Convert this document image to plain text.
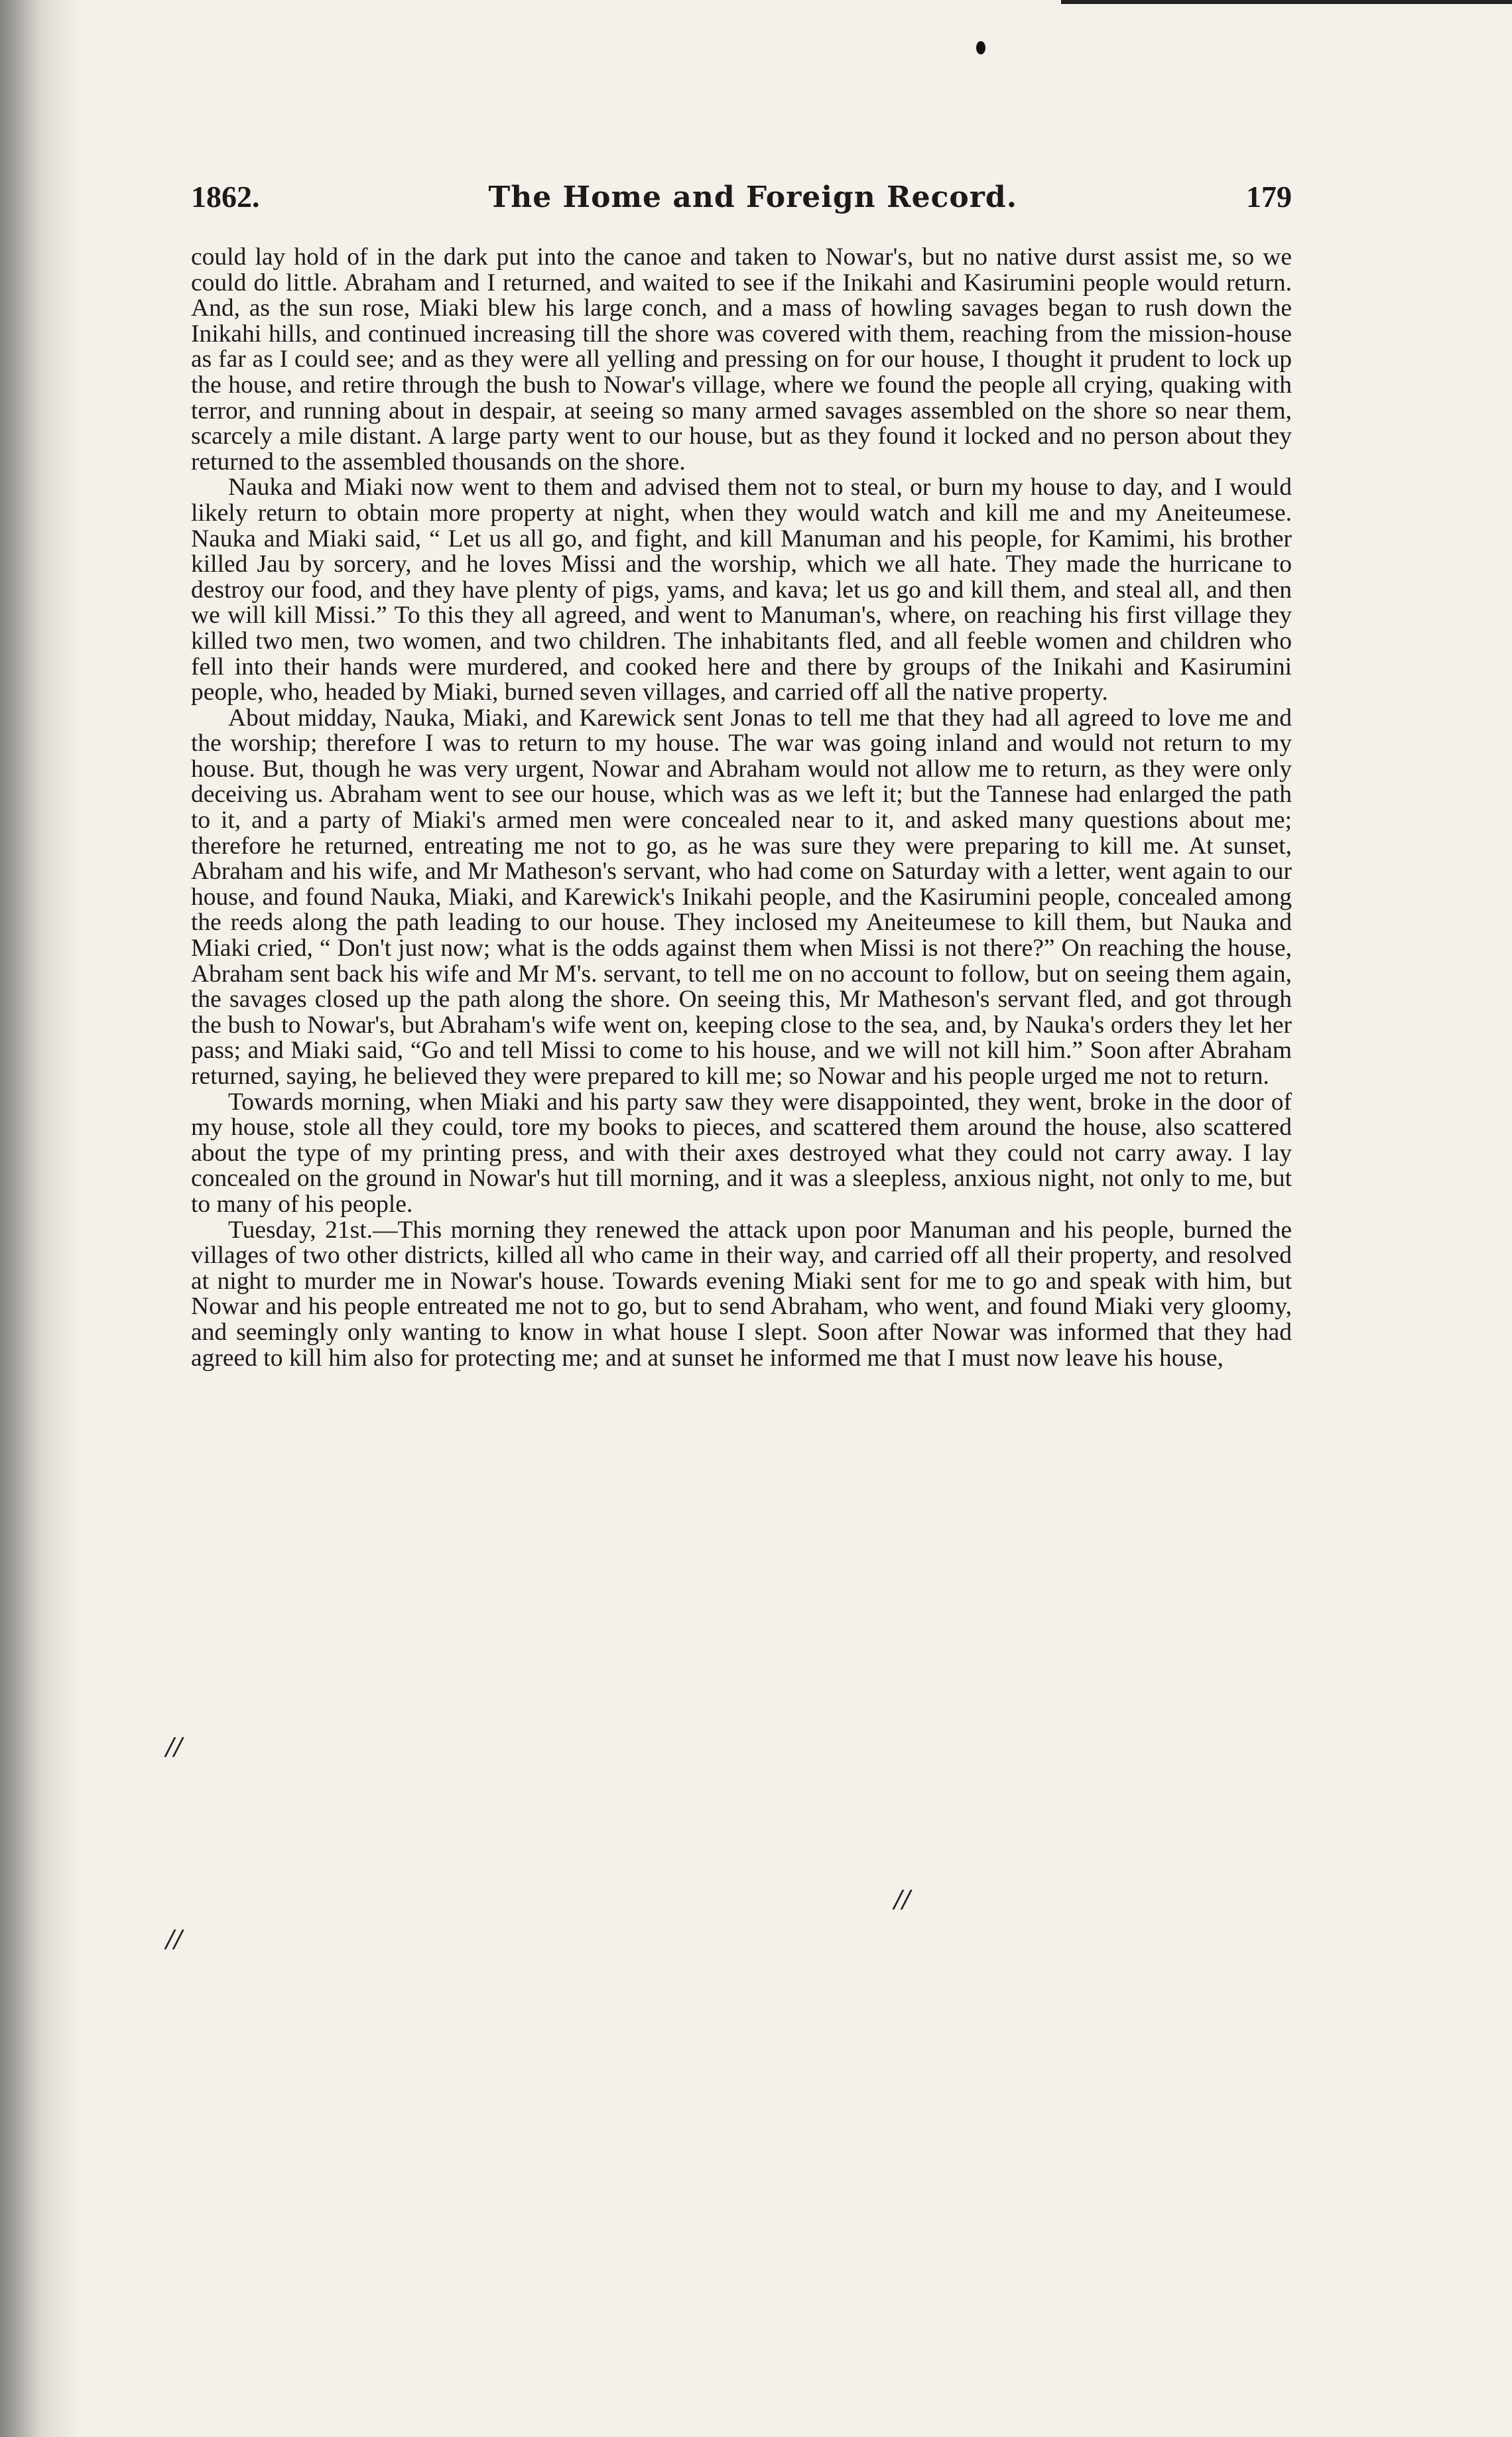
1862.	The Home and Foreign Record.	179

could lay hold of in the dark put into the canoe and taken to Nowar's, but no native durst assist me, so we could do little. Abraham and I returned, and waited to see if the Inikahi and Kasirumini people would return. And, as the sun rose, Miaki blew his large conch, and a mass of howling savages began to rush down the Inikahi hills, and continued increasing till the shore was covered with them, reaching from the mission-house as far as I could see; and as they were all yelling and pressing on for our house, I thought it prudent to lock up the house, and retire through the bush to Nowar's village, where we found the people all crying, quaking with terror, and running about in despair, at seeing so many armed savages assembled on the shore so near them, scarcely a mile distant. A large party went to our house, but as they found it locked and no person about they returned to the assembled thousands on the shore.

Nauka and Miaki now went to them and advised them not to steal, or burn my house to day, and I would likely return to obtain more property at night, when they would watch and kill me and my Aneiteumese. Nauka and Miaki said, “ Let us all go, and fight, and kill Manuman and his people, for Kamimi, his brother killed Jau by sorcery, and he loves Missi and the worship, which we all hate. They made the hurricane to destroy our food, and they have plenty of pigs, yams, and kava; let us go and kill them, and steal all, and then we will kill Missi.” To this they all agreed, and went to Manuman's, where, on reaching his first village they killed two men, two women, and two children. The inhabitants fled, and all feeble women and children who fell into their hands were murdered, and cooked here and there by groups of the Inikahi and Kasirumini people, who, headed by Miaki, burned seven villages, and carried off all the native property.

About midday, Nauka, Miaki, and Karewick sent Jonas to tell me that they had all agreed to love me and the worship; therefore I was to return to my house. The war was going inland and would not return to my house. But, though he was very urgent, Nowar and Abraham would not allow me to return, as they were only deceiving us. Abraham went to see our house, which was as we left it; but the Tannese had enlarged the path to it, and a party of Miaki's armed men were concealed near to it, and asked many questions about me; therefore he returned, entreating me not to go, as he was sure they were preparing to kill me. At sunset, Abraham and his wife, and Mr Matheson's servant, who had come on Saturday with a letter, went again to our house, and found Nauka, Miaki, and Karewick's Inikahi people, and the Kasirumini people, concealed among the reeds along the path leading to our house. They inclosed my Aneiteumese to kill them, but Nauka and Miaki cried, “ Don't just now; what is the odds against them when Missi is not there?” On reaching the house, Abraham sent back his wife and Mr M's. servant, to tell me on no account to follow, but on seeing them again, the savages closed up the path along the shore. On seeing this, Mr Matheson's servant fled, and got through the bush to Nowar's, but Abraham's wife went on, keeping close to the sea, and, by Nauka's orders they let her pass; and Miaki said, “Go and tell Missi to come to his house, and we will not kill him.” Soon after Abraham returned, saying, he believed they were prepared to kill me; so Nowar and his people urged me not to return.

Towards morning, when Miaki and his party saw they were disappointed, they went, broke in the door of my house, stole all they could, tore my books to pieces, and scattered them around the house, also scattered about the type of my printing press, and with their axes destroyed what they could not carry away. I lay concealed on the ground in Nowar's hut till morning, and it was a sleepless, anxious night, not only to me, but to many of his people.

Tuesday, 21st.—This morning they renewed the attack upon poor Manuman and his people, burned the villages of two other districts, killed all who came in their way, and carried off all their property, and resolved at night to murder me in Nowar's house. Towards evening Miaki sent for me to go and speak with him, but Nowar and his people entreated me not to go, but to send Abraham, who went, and found Miaki very gloomy, and seemingly only wanting to know in what house I slept. Soon after Nowar was informed that they had agreed to kill him also for protecting me; and at sunset he informed me that I must now leave his house,

//
//
//
